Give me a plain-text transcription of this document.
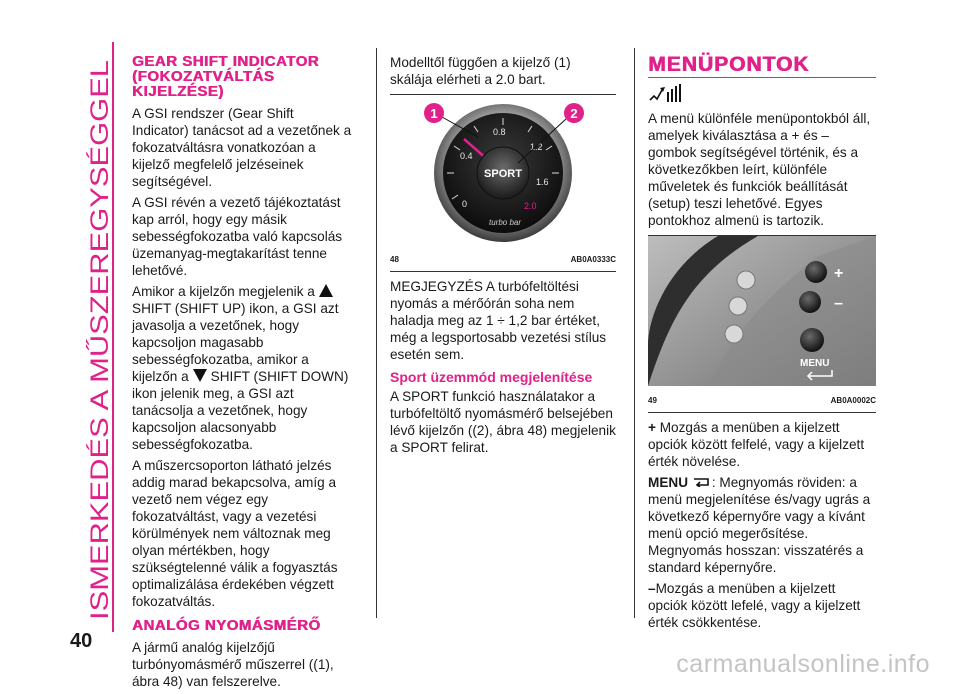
ISMERKEDÉS A MŰSZEREGYSÉGGEL
40
GEAR SHIFT INDICATOR
(FOKOZATVÁLTÁS
KIJELZÉSE)

A GSI rendszer (Gear Shift Indicator) tanácsot ad a vezetőnek a fokozatváltásra vonatkozóan a kijelző megfelelő jelzéseinek segítségével.

A GSI révén a vezető tájékoztatást kap arról, hogy egy másik sebességfokozatba való kapcsolás üzemanyag-megtakarítást tenne lehetővé.

Amikor a kijelzőn megjelenik a SHIFT (SHIFT UP) ikon, a GSI azt javasolja a vezetőnek, hogy kapcsoljon magasabb sebességfokozatba, amikor a kijelzőn a SHIFT (SHIFT DOWN) ikon jelenik meg, a GSI azt tanácsolja a vezetőnek, hogy kapcsoljon alacsonyabb sebességfokozatba.

A műszercsoporton látható jelzés addig marad bekapcsolva, amíg a vezető nem végez egy fokozatváltást, vagy a vezetési körülmények nem változnak meg olyan mértékben, hogy szükségtelenné válik a fogyasztás optimalizálása érdekében végzett fokozatváltás.

ANALÓG NYOMÁSMÉRŐ

A jármű analóg kijelzőjű turbónyomásmérő műszerrel ((1), ábra 48) van felszerelve.

Modelltől függően a kijelző (1) skálája elérheti a 2.0 bart.

0
0.4
0.8
1.2
1.6
2.0
SPORT
turbo bar
1	2
48	AB0A0333C

MEGJEGYZÉS A turbófeltöltési nyomás a mérőórán soha nem haladja meg az 1 ÷ 1,2 bar értéket, még a legsportosabb vezetési stílus esetén sem.

Sport üzemmód megjelenítése

A SPORT funkció használatakor a turbófeltöltő nyomásmérő belsejében lévő kijelzőn ((2), ábra 48) megjelenik a SPORT felirat.

MENÜPONTOK

A menü különféle menüpontokból áll, amelyek kiválasztása a + és – gombok segítségével történik, és a következőkben leírt, különféle műveletek és funkciók beállítását (setup) teszi lehetővé. Egyes pontokhoz almenü is tartozik.

+
–
MENU
49	AB0A0002C

+ Mozgás a menüben a kijelzett opciók között felfelé, vagy a kijelzett érték növelése.

MENU : Megnyomás röviden: a menü megjelenítése és/vagy ugrás a következő képernyőre vagy a kívánt menü opció megerősítése. Megnyomás hosszan: visszatérés a standard képernyőre.

–Mozgás a menüben a kijelzett opciók között lefelé, vagy a kijelzett érték csökkentése.

carmanualsonline.info
